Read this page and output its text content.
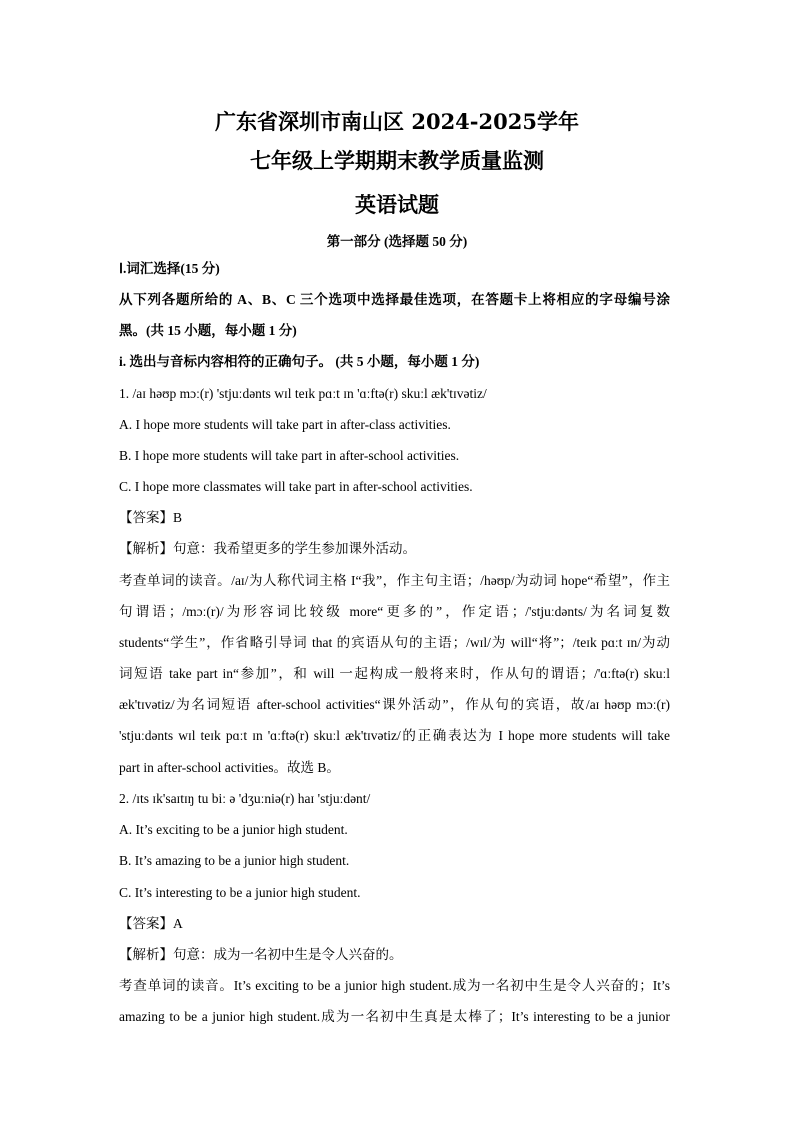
广东省深圳市南山区 2024-2025学年
七年级上学期期末教学质量监测
英语试题
第一部分 (选择题 50 分)
Ⅰ.词汇选择(15 分)
从下列各题所给的 A、B、C 三个选项中选择最佳选项，在答题卡上将相应的字母编号涂
黑。(共 15 小题，每小题 1 分)
i. 选出与音标内容相符的正确句子。 (共 5 小题，每小题 1 分)
1. /aɪ həʊp mɔː(r) 'stjuːdənts wɪl teɪk pɑːt ɪn 'ɑːftə(r) skuːl æk'tɪvətiz/
A. I hope more students will take part in after-class activities.
B. I hope more students will take part in after-school activities.
C. I hope more classmates will take part in after-school activities.
【答案】B
【解析】句意：我希望更多的学生参加课外活动。
考查单词的读音。/aɪ/为人称代词主格 I“我”，作主句主语；/həʊp/为动词 hope“希望”，作主
句谓语；/mɔː(r)/为形容词比较级 more“更多的”，作定语；/'stjuːdənts/为名词复数
students“学生”，作省略引导词 that 的宾语从句的主语；/wɪl/为 will“将”；/teɪk pɑːt ɪn/为动
词短语 take part in“参加”，和 will 一起构成一般将来时，作从句的谓语；/'ɑːftə(r) skuːl
æk'tɪvətiz/为名词短语 after-school activities“课外活动”，作从句的宾语，故/aɪ həʊp mɔː(r)
'stjuːdənts wɪl teɪk pɑːt ɪn 'ɑːftə(r) skuːl æk'tɪvətiz/的正确表达为 I hope more students will take
part in after-school activities。故选 B。
2. /ɪts ɪk'saɪtɪŋ tu biː ə 'dʒuːniə(r) haɪ 'stjuːdənt/
A. It’s exciting to be a junior high student.
B. It’s amazing to be a junior high student.
C. It’s interesting to be a junior high student.
【答案】A
【解析】句意：成为一名初中生是令人兴奋的。
考查单词的读音。It’s exciting to be a junior high student.成为一名初中生是令人兴奋的；It’s
amazing to be a junior high student.成为一名初中生真是太棒了；It’s interesting to be a junior
